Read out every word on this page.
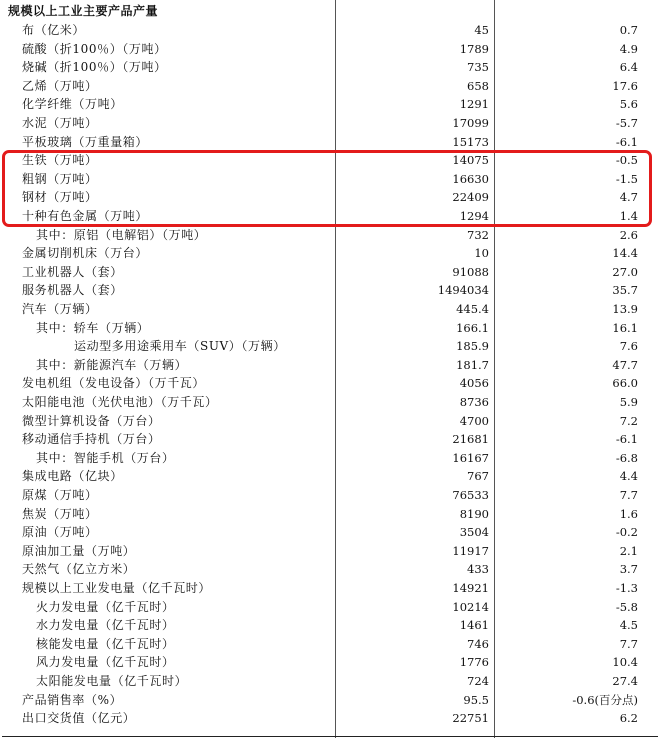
规模以上工业主要产品产量
布（亿米）	45	0.7
硫酸（折100％）（万吨）	1789	4.9
烧碱（折100％）（万吨）	735	6.4
乙烯（万吨）	658	17.6
化学纤维（万吨）	1291	5.6
水泥（万吨）	17099	-5.7
平板玻璃（万重量箱）	15173	-6.1
生铁（万吨）	14075	-0.5
粗钢（万吨）	16630	-1.5
钢材（万吨）	22409	4.7
十种有色金属（万吨）	1294	1.4
其中：原铝（电解铝）（万吨）	732	2.6
金属切削机床（万台）	10	14.4
工业机器人（套）	91088	27.0
服务机器人（套）	1494034	35.7
汽车（万辆）	445.4	13.9
其中：轿车（万辆）	166.1	16.1
运动型多用途乘用车（SUV）（万辆）	185.9	7.6
其中：新能源汽车（万辆）	181.7	47.7
发电机组（发电设备）（万千瓦）	4056	66.0
太阳能电池（光伏电池）（万千瓦）	8736	5.9
微型计算机设备（万台）	4700	7.2
移动通信手持机（万台）	21681	-6.1
其中：智能手机（万台）	16167	-6.8
集成电路（亿块）	767	4.4
原煤（万吨）	76533	7.7
焦炭（万吨）	8190	1.6
原油（万吨）	3504	-0.2
原油加工量（万吨）	11917	2.1
天然气（亿立方米）	433	3.7
规模以上工业发电量（亿千瓦时）	14921	-1.3
火力发电量（亿千瓦时）	10214	-5.8
水力发电量（亿千瓦时）	1461	4.5
核能发电量（亿千瓦时）	746	7.7
风力发电量（亿千瓦时）	1776	10.4
太阳能发电量（亿千瓦时）	724	27.4
产品销售率（%）	95.5	-0.6(百分点)
出口交货值（亿元）	22751	6.2
